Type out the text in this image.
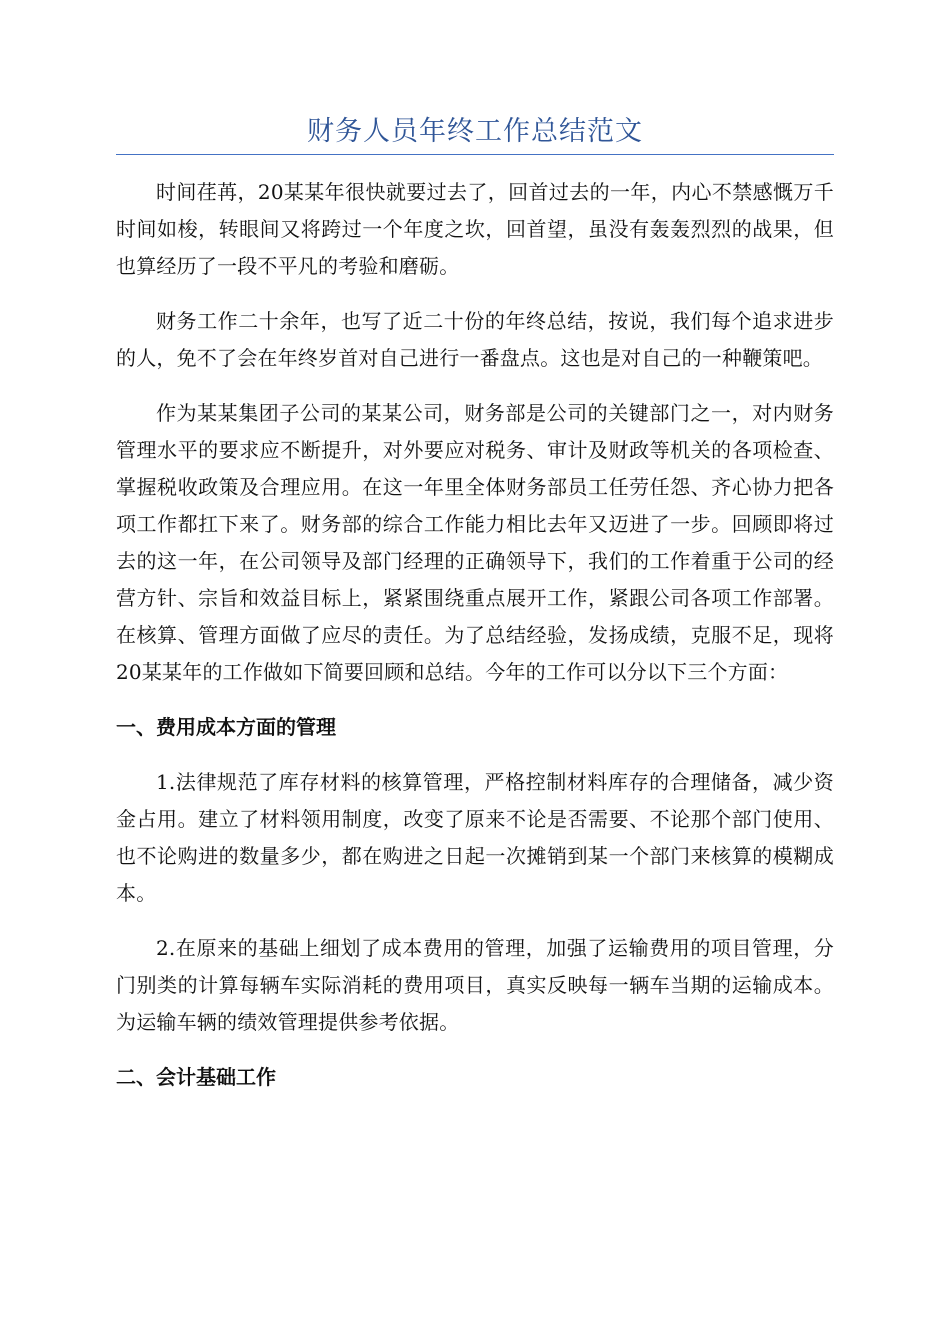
财务人员年终工作总结范文

时间荏苒，20某某年很快就要过去了，回首过去的一年，内心不禁感慨万千时间如梭，转眼间又将跨过一个年度之坎，回首望，虽没有轰轰烈烈的战果，但也算经历了一段不平凡的考验和磨砺。

财务工作二十余年，也写了近二十份的年终总结，按说，我们每个追求进步的人，免不了会在年终岁首对自己进行一番盘点。这也是对自己的一种鞭策吧。

作为某某集团子公司的某某公司，财务部是公司的关键部门之一，对内财务管理水平的要求应不断提升，对外要应对税务、审计及财政等机关的各项检查、掌握税收政策及合理应用。在这一年里全体财务部员工任劳任怨、齐心协力把各项工作都扛下来了。财务部的综合工作能力相比去年又迈进了一步。回顾即将过去的这一年，在公司领导及部门经理的正确领导下，我们的工作着重于公司的经营方针、宗旨和效益目标上，紧紧围绕重点展开工作，紧跟公司各项工作部署。在核算、管理方面做了应尽的责任。为了总结经验，发扬成绩，克服不足，现将20某某年的工作做如下简要回顾和总结。今年的工作可以分以下三个方面：

一、费用成本方面的管理

1.法律规范了库存材料的核算管理，严格控制材料库存的合理储备，减少资金占用。建立了材料领用制度，改变了原来不论是否需要、不论那个部门使用、也不论购进的数量多少，都在购进之日起一次摊销到某一个部门来核算的模糊成本。

2.在原来的基础上细划了成本费用的管理，加强了运输费用的项目管理，分门别类的计算每辆车实际消耗的费用项目，真实反映每一辆车当期的运输成本。为运输车辆的绩效管理提供参考依据。

二、会计基础工作
